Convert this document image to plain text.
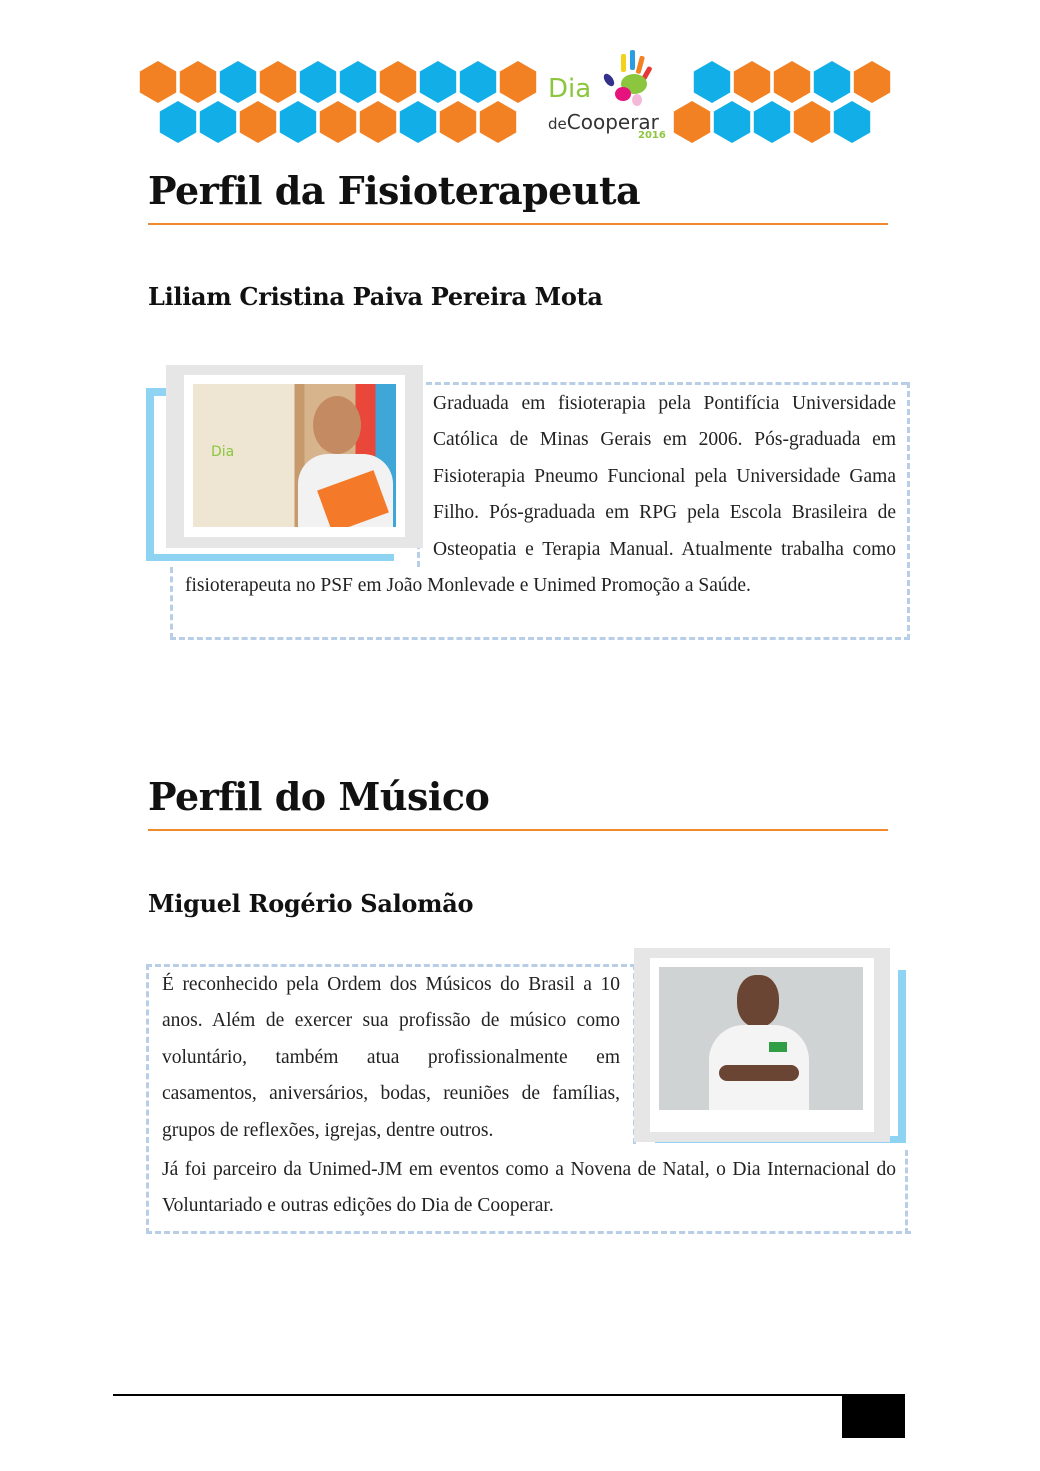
Dia
deCooperar
2016
Perfil da Fisioterapeuta
Liliam Cristina Paiva Pereira Mota
Dia
Graduada em fisioterapia pela Pontifícia Universidade Católica de Minas Gerais em 2006. Pós-graduada em Fisioterapia Pneumo Funcional pela Universidade Gama Filho. Pós-graduada em RPG pela Escola Brasileira de Osteopatia e Terapia Manual. Atualmente trabalha como fisioterapeuta no PSF em João Monlevade e Unimed Promoção a Saúde.
Perfil do Músico
Miguel Rogério Salomão
É reconhecido pela Ordem dos Músicos do Brasil a 10 anos. Além de exercer sua profissão de músico como voluntário, também atua profissionalmente em casamentos, aniversários, bodas, reuniões de famílias, grupos de reflexões, igrejas, dentre outros.
Já foi parceiro da Unimed-JM em eventos como a Novena de Natal, o Dia Internacional do Voluntariado e outras edições do Dia de Cooperar.
